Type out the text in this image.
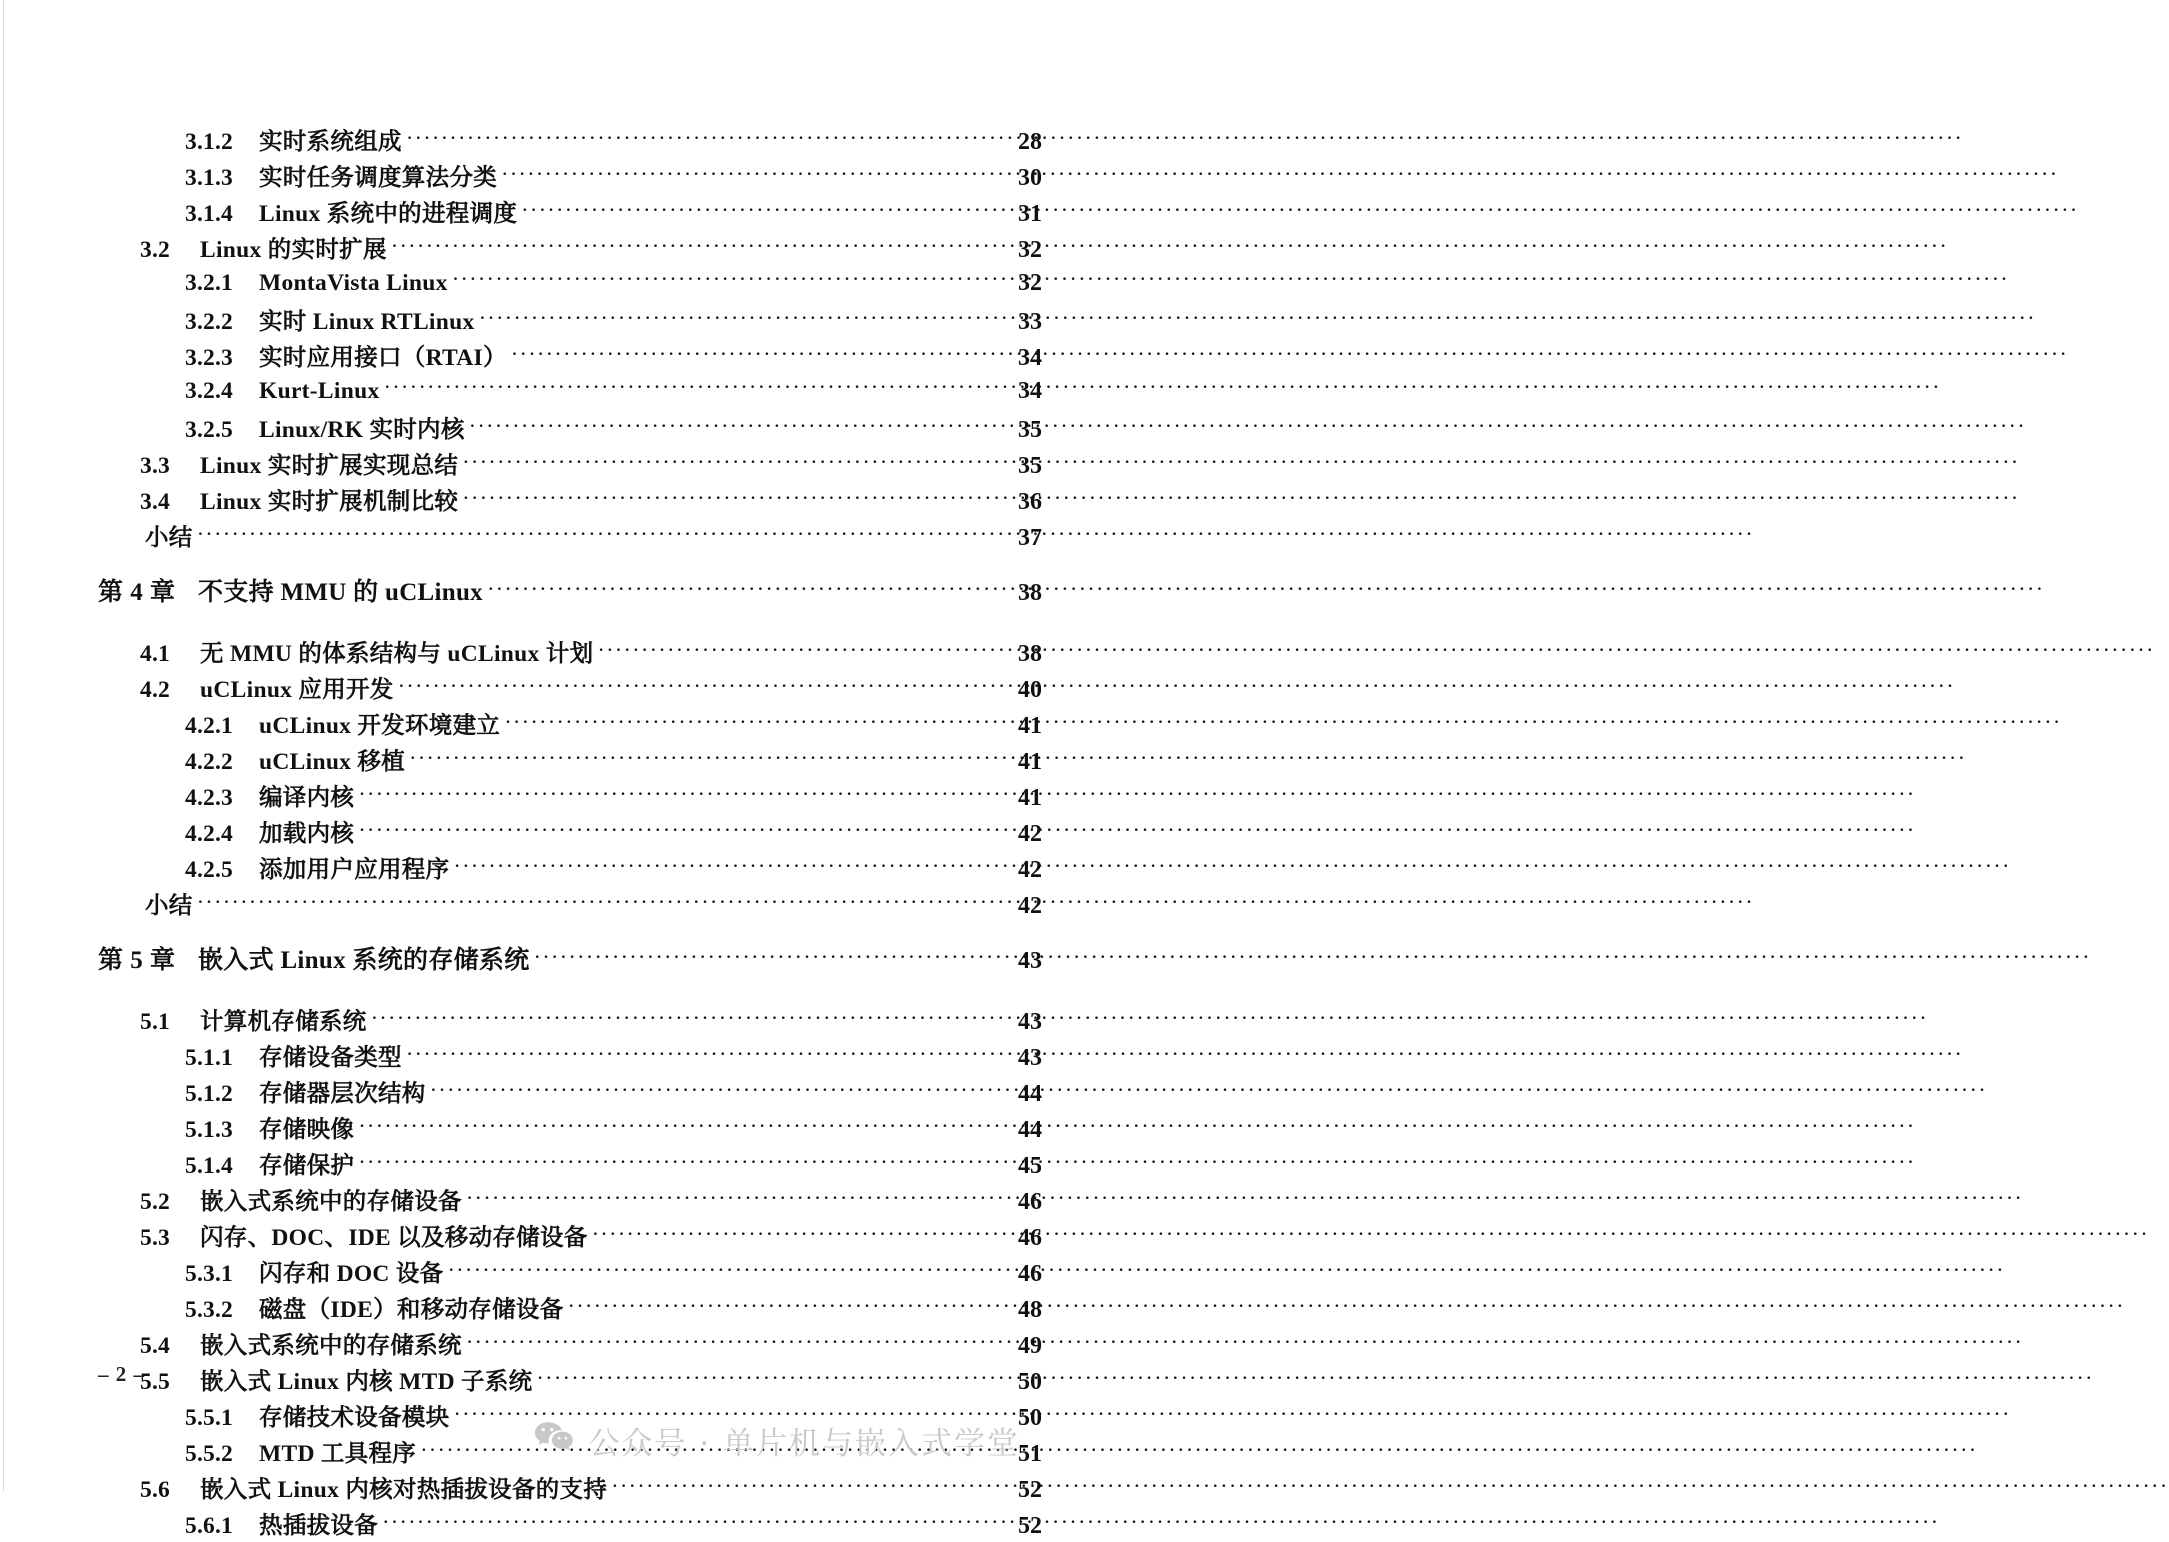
3.1.2	实时系统组成 .....	28
3.1.3	实时任务调度算法分类 .....	30
3.1.4	Linux 系统中的进程调度 .....	31
3.2	Linux 的实时扩展 .....	32
3.2.1	MontaVista Linux .....	32
3.2.2	实时 Linux RTLinux .....	33
3.2.3	实时应用接口（RTAI） .....	34
3.2.4	Kurt-Linux .....	34
3.2.5	Linux/RK 实时内核 .....	35
3.3	Linux 实时扩展实现总结 .....	35
3.4	Linux 实时扩展机制比较 .....	36
小结 .....	37
第 4 章 不支持 MMU 的 uCLinux .....	38
4.1	无 MMU 的体系结构与 uCLinux 计划 .....	38
4.2	uCLinux 应用开发 .....	40
4.2.1	uCLinux 开发环境建立 .....	41
4.2.2	uCLinux 移植 .....	41
4.2.3	编译内核 .....	41
4.2.4	加载内核 .....	42
4.2.5	添加用户应用程序 .....	42
小结 .....	42
第 5 章 嵌入式 Linux 系统的存储系统 .....	43
5.1	计算机存储系统 .....	43
5.1.1	存储设备类型 .....	43
5.1.2	存储器层次结构 .....	44
5.1.3	存储映像 .....	44
5.1.4	存储保护 .....	45
5.2	嵌入式系统中的存储设备 .....	46
5.3	闪存、DOC、IDE 以及移动存储设备 .....	46
5.3.1	闪存和 DOC 设备 .....	46
5.3.2	磁盘（IDE）和移动存储设备 .....	48
5.4	嵌入式系统中的存储系统 .....	49
5.5	嵌入式 Linux 内核 MTD 子系统 .....	50
5.5.1	存储技术设备模块 .....	50
5.5.2	MTD 工具程序 .....	51
5.6	嵌入式 Linux 内核对热插拔设备的支持 .....	52
5.6.1	热插拔设备 .....	52
– 2 –
公众号 · 单片机与嵌入式学堂
